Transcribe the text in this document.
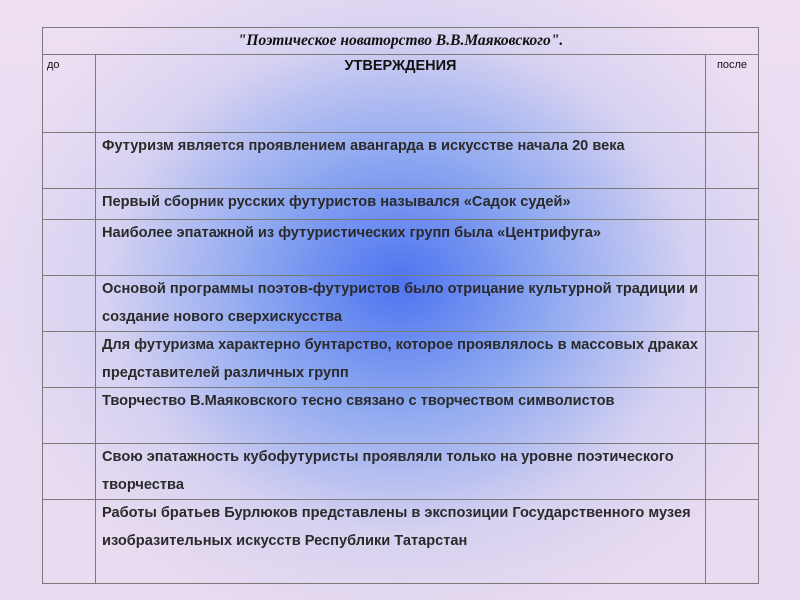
"Поэтическое новаторство В.В.Маяковского".		
до	УТВЕРЖДЕНИЯ	после
	Футуризм является проявлением авангарда в искусстве начала 20 века	
	Первый сборник русских футуристов назывался «Садок судей»	
	Наиболее эпатажной из футуристических групп была «Центрифуга»	
	Основой программы поэтов-футуристов было отрицание культурной традиции и создание нового сверхискусства	
	Для футуризма характерно бунтарство, которое проявлялось в массовых драках представителей различных групп	
	Творчество В.Маяковского тесно связано с творчеством символистов	
	Свою эпатажность кубофутуристы проявляли только на уровне поэтического творчества	
	Работы братьев Бурлюков представлены в экспозиции Государственного музея изобразительных искусств Республики Татарстан	
